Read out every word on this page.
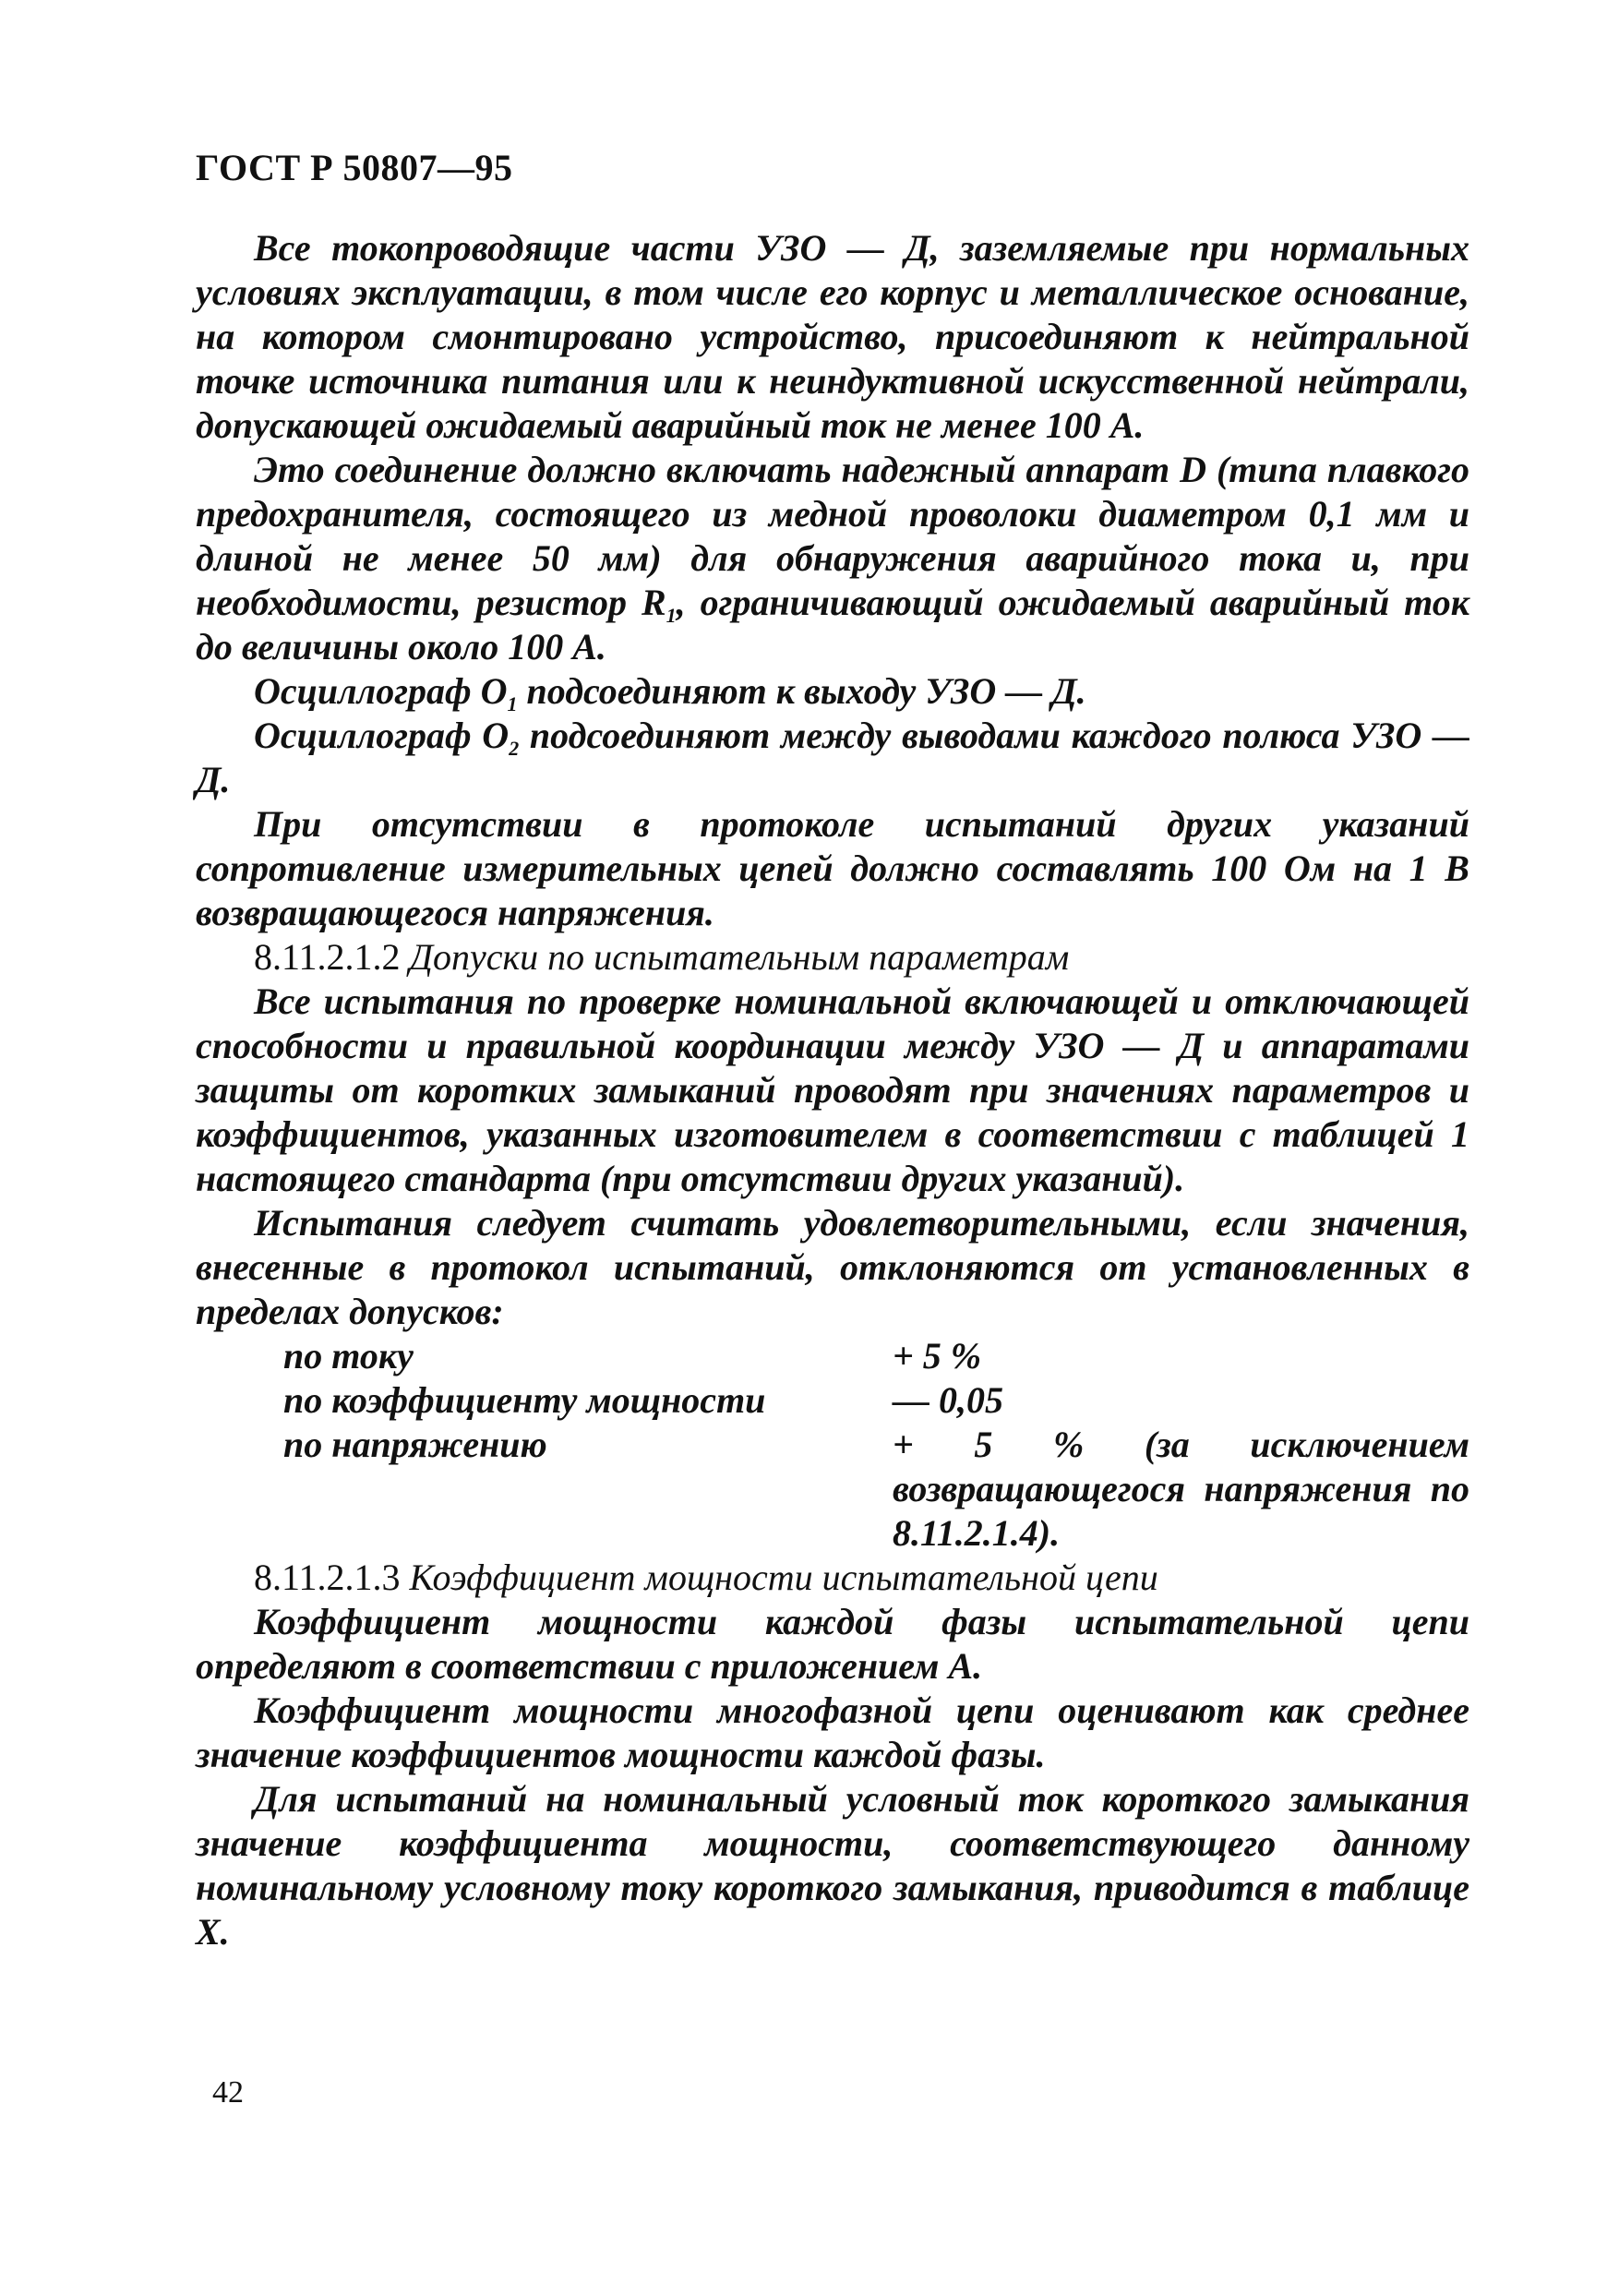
ГОСТ Р 50807—95

Все токопроводящие части УЗО — Д, заземляемые при нормальных условиях эксплуатации, в том числе его корпус и металлическое основание, на котором смонтировано устройство, присоединяют к нейтральной точке источника питания или к неиндуктивной искусственной нейтрали, допускающей ожидаемый аварийный ток не менее 100 А.

Это соединение должно включать надежный аппарат D (типа плавкого предохранителя, состоящего из медной проволоки диаметром 0,1 мм и длиной не менее 50 мм) для обнаружения аварийного тока и, при необходимости, резистор $R_1$, ограничивающий ожидаемый аварийный ток до величины около 100 А.

Осциллограф $О_1$ подсоединяют к выходу УЗО — Д.

Осциллограф $О_2$ подсоединяют между выводами каждого полюса УЗО — Д.

При отсутствии в протоколе испытаний других указаний сопротивление измерительных цепей должно составлять 100 Ом на 1 В возвращающегося напряжения.

8.11.2.1.2 Допуски по испытательным параметрам

Все испытания по проверке номинальной включающей и отключающей способности и правильной координации между УЗО — Д и аппаратами защиты от коротких замыканий проводят при значениях параметров и коэффициентов, указанных изготовителем в соответствии с таблицей 1 настоящего стандарта (при отсутствии других указаний).

Испытания следует считать удовлетворительными, если значения, внесенные в протокол испытаний, отклоняются от установленных в пределах допусков:

по току	+ 5 %
по коэффициенту мощности	— 0,05
по напряжению	+ 5 % (за исключением возвращающегося напряжения по 8.11.2.1.4).

8.11.2.1.3 Коэффициент мощности испытательной цепи

Коэффициент мощности каждой фазы испытательной цепи определяют в соответствии с приложением А.

Коэффициент мощности многофазной цепи оценивают как среднее значение коэффициентов мощности каждой фазы.

Для испытаний на номинальный условный ток короткого замыкания значение коэффициента мощности, соответствующего данному номинальному условному току короткого замыкания, приводится в таблице Х.

42
